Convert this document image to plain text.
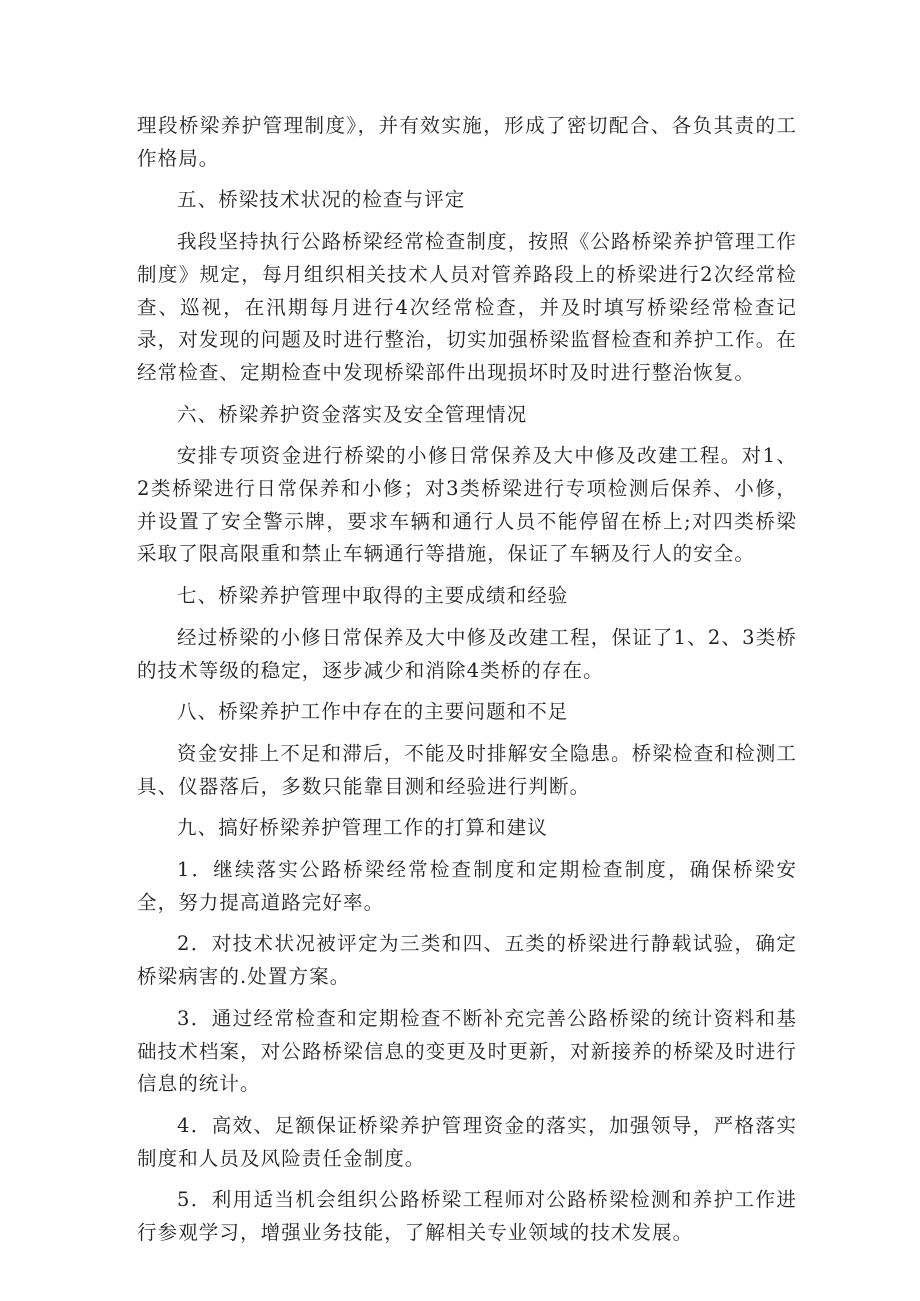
理段桥梁养护管理制度》，并有效实施，形成了密切配合、各负其责的工作格局。

五、桥梁技术状况的检查与评定

我段坚持执行公路桥梁经常检查制度，按照《公路桥梁养护管理工作制度》规定，每月组织相关技术人员对管养路段上的桥梁进行2次经常检查、巡视，在汛期每月进行4次经常检查，并及时填写桥梁经常检查记录，对发现的问题及时进行整治，切实加强桥梁监督检查和养护工作。在经常检查、定期检查中发现桥梁部件出现损坏时及时进行整治恢复。

六、桥梁养护资金落实及安全管理情况

安排专项资金进行桥梁的小修日常保养及大中修及改建工程。对1、2类桥梁进行日常保养和小修；对3类桥梁进行专项检测后保养、小修，并设置了安全警示牌，要求车辆和通行人员不能停留在桥上;对四类桥梁采取了限高限重和禁止车辆通行等措施，保证了车辆及行人的安全。

七、桥梁养护管理中取得的主要成绩和经验

经过桥梁的小修日常保养及大中修及改建工程，保证了1、2、3类桥的技术等级的稳定，逐步减少和消除4类桥的存在。

八、桥梁养护工作中存在的主要问题和不足

资金安排上不足和滞后，不能及时排解安全隐患。桥梁检查和检测工具、仪器落后，多数只能靠目测和经验进行判断。

九、搞好桥梁养护管理工作的打算和建议

1．继续落实公路桥梁经常检查制度和定期检查制度，确保桥梁安全，努力提高道路完好率。

2．对技术状况被评定为三类和四、五类的桥梁进行静载试验，确定桥梁病害的.处置方案。

3．通过经常检查和定期检查不断补充完善公路桥梁的统计资料和基础技术档案，对公路桥梁信息的变更及时更新，对新接养的桥梁及时进行信息的统计。

4．高效、足额保证桥梁养护管理资金的落实，加强领导，严格落实制度和人员及风险责任金制度。

5．利用适当机会组织公路桥梁工程师对公路桥梁检测和养护工作进行参观学习，增强业务技能，了解相关专业领域的技术发展。
